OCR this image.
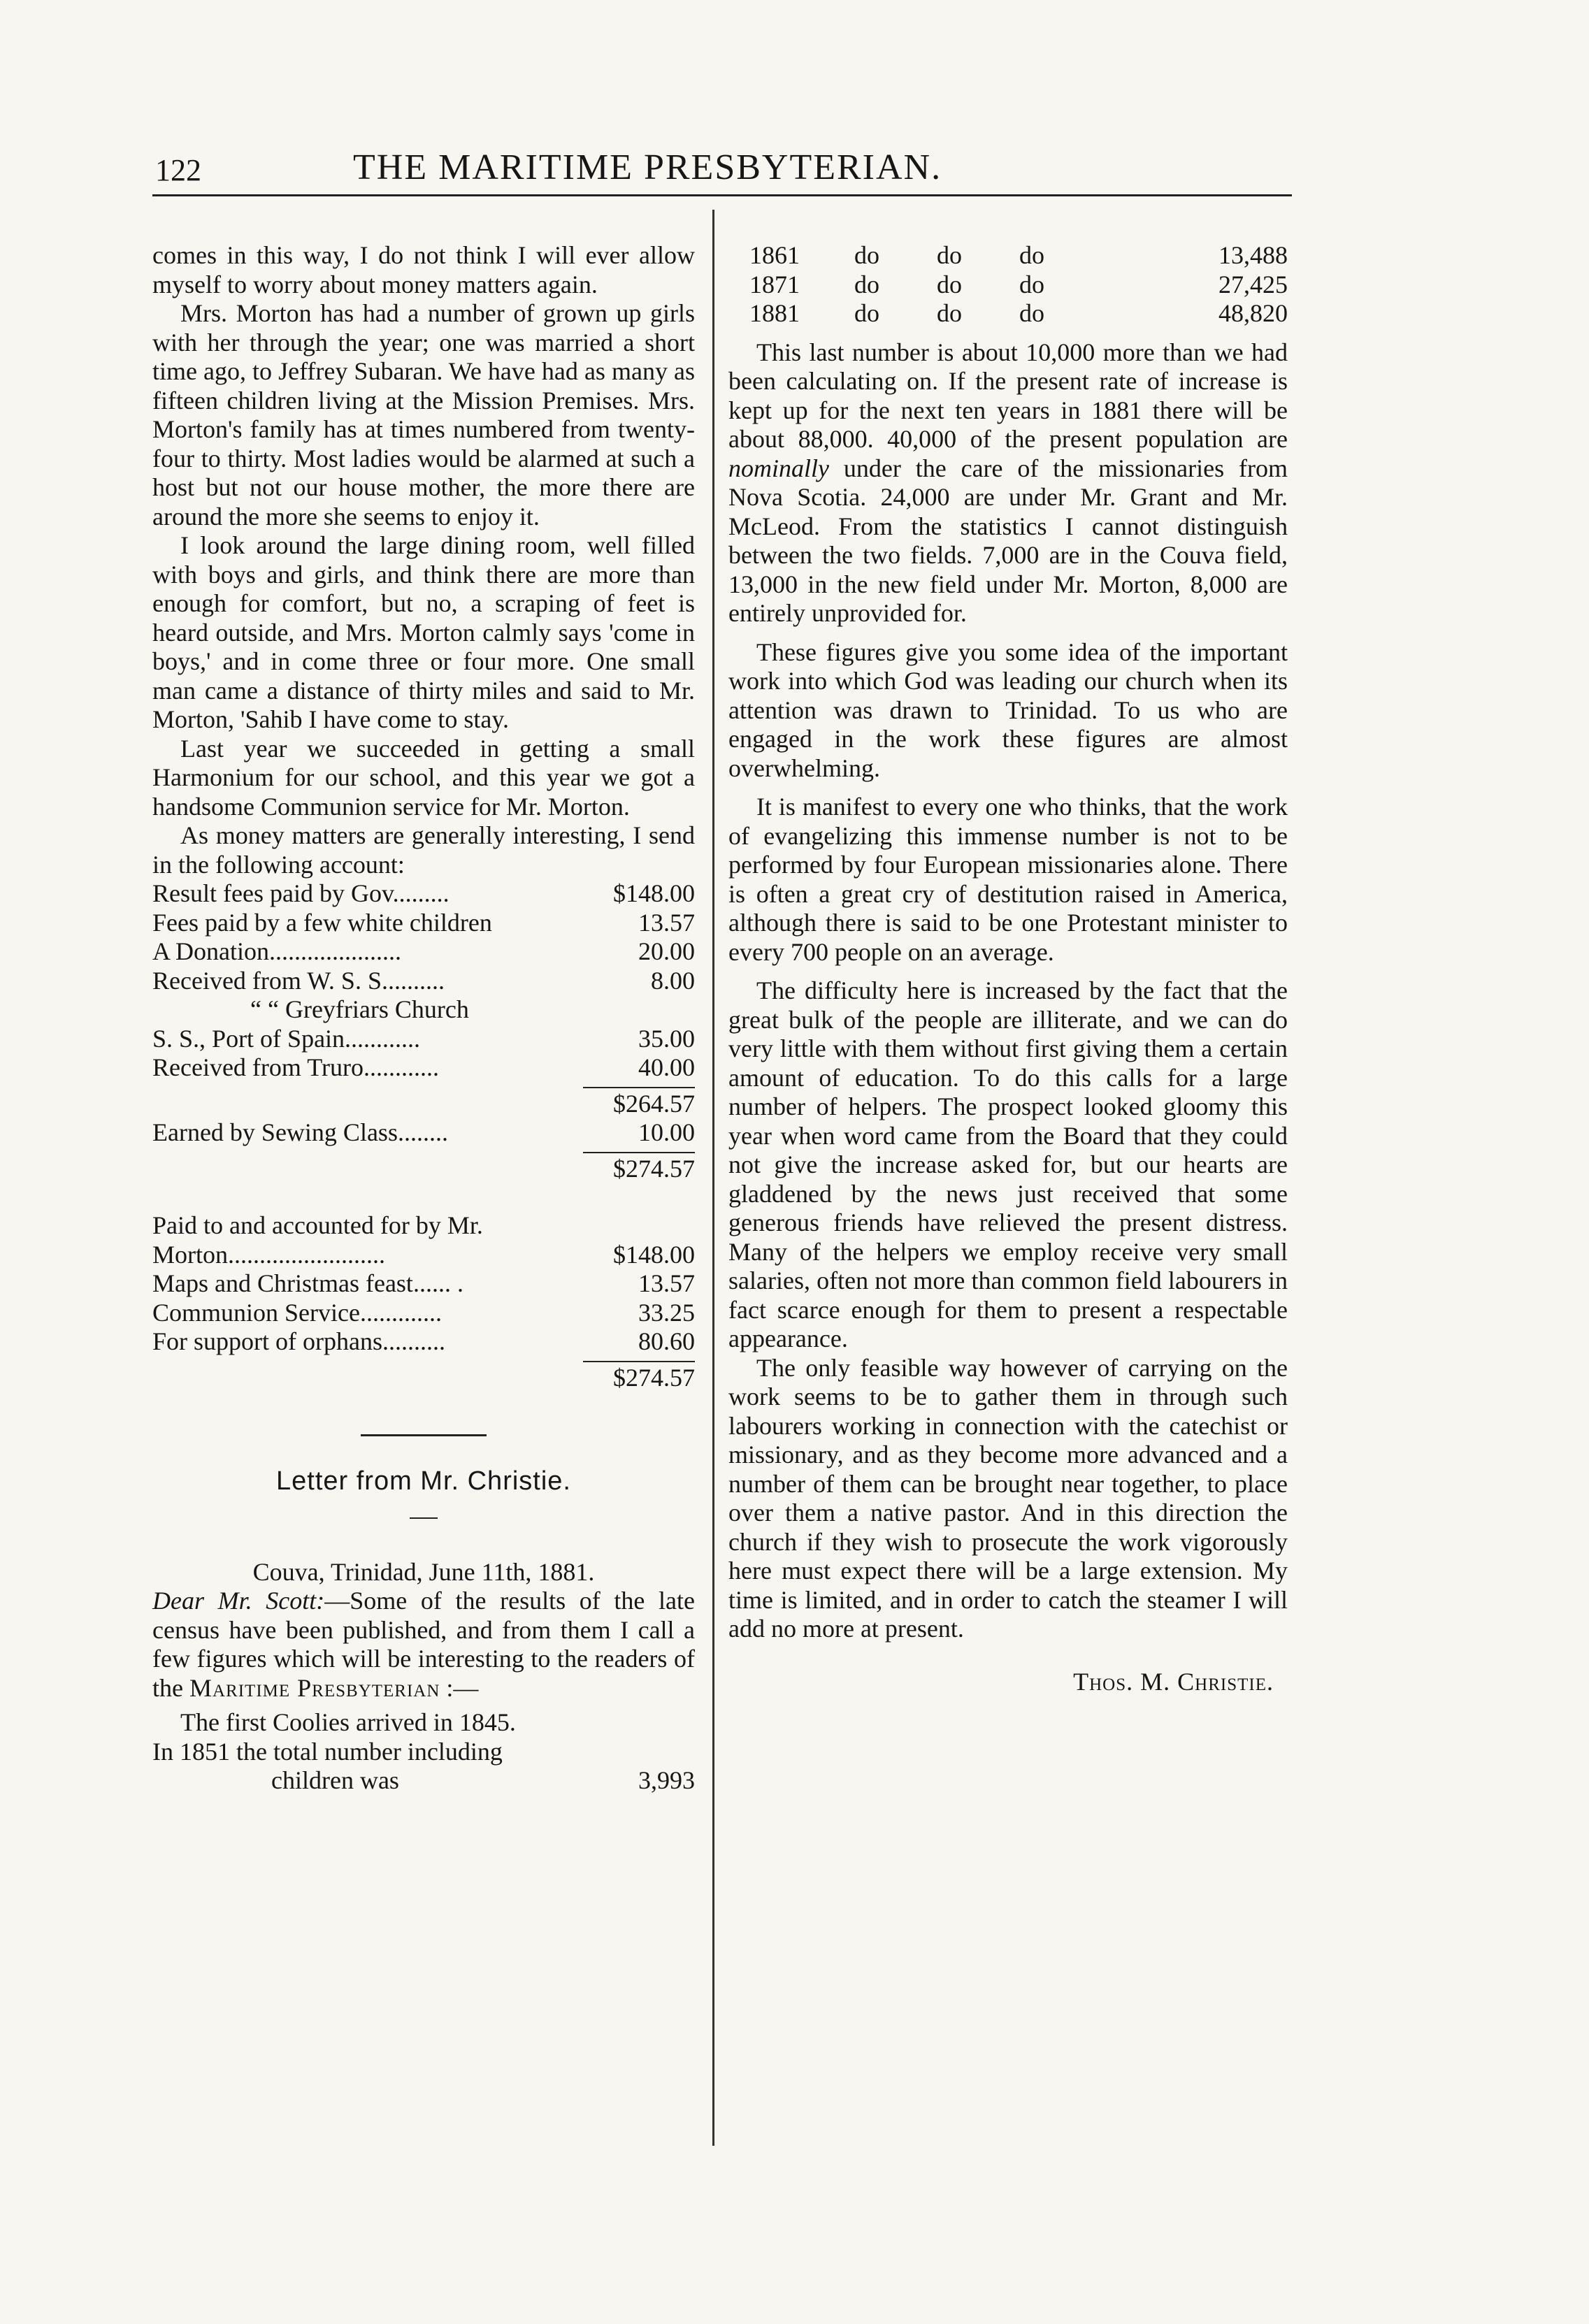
122	THE MARITIME PRESBYTERIAN.

comes in this way, I do not think I will ever allow myself to worry about money matters again.

Mrs. Morton has had a number of grown up girls with her through the year; one was married a short time ago, to Jeffrey Subaran. We have had as many as fifteen children living at the Mission Premises. Mrs. Morton's family has at times numbered from twenty-four to thirty. Most ladies would be alarmed at such a host but not our house mother, the more there are around the more she seems to enjoy it.

I look around the large dining room, well filled with boys and girls, and think there are more than enough for comfort, but no, a scraping of feet is heard outside, and Mrs. Morton calmly says 'come in boys,' and in come three or four more. One small man came a distance of thirty miles and said to Mr. Morton, 'Sahib I have come to stay.

Last year we succeeded in getting a small Harmonium for our school, and this year we got a handsome Communion service for Mr. Morton.

As money matters are generally interesting, I send in the following account:

Result fees paid by Gov.........	$148.00
Fees paid by a few white children	13.57
A Donation.....................	20.00
Received from W. S. S..........	8.00
“ “ Greyfriars Church
S. S., Port of Spain............	35.00
Received from Truro............	40.00
$264.57
Earned by Sewing Class........	10.00
$274.57

Paid to and accounted for by Mr.

Morton.........................	$148.00
Maps and Christmas feast...... .	13.57
Communion Service.............	33.25
For support of orphans..........	80.60
$274.57
Letter from Mr. Christie.

Couva, Trinidad, June 11th, 1881.

Dear Mr. Scott:—Some of the results of the late census have been published, and from them I call a few figures which will be interesting to the readers of the Maritime Presbyterian :—

The first Coolies arrived in 1845.

In 1851 the total number including

children was	3,993
1861	do	do	do	13,488
1871	do	do	do	27,425
1881	do	do	do	48,820

This last number is about 10,000 more than we had been calculating on. If the present rate of increase is kept up for the next ten years in 1881 there will be about 88,000. 40,000 of the present population are nominally under the care of the missionaries from Nova Scotia. 24,000 are under Mr. Grant and Mr. McLeod. From the statistics I cannot distinguish between the two fields. 7,000 are in the Couva field, 13,000 in the new field under Mr. Morton, 8,000 are entirely unprovided for.

These figures give you some idea of the important work into which God was leading our church when its attention was drawn to Trinidad. To us who are engaged in the work these figures are almost overwhelming.

It is manifest to every one who thinks, that the work of evangelizing this immense number is not to be performed by four European missionaries alone. There is often a great cry of destitution raised in America, although there is said to be one Protestant minister to every 700 people on an average.

The difficulty here is increased by the fact that the great bulk of the people are illiterate, and we can do very little with them without first giving them a certain amount of education. To do this calls for a large number of helpers. The prospect looked gloomy this year when word came from the Board that they could not give the increase asked for, but our hearts are gladdened by the news just received that some generous friends have relieved the present distress. Many of the helpers we employ receive very small salaries, often not more than common field labourers in fact scarce enough for them to present a respectable appearance.

The only feasible way however of carrying on the work seems to be to gather them in through such labourers working in connection with the catechist or missionary, and as they become more advanced and a number of them can be brought near together, to place over them a native pastor. And in this direction the church if they wish to prosecute the work vigorously here must expect there will be a large extension. My time is limited, and in order to catch the steamer I will add no more at present.

Thos. M. Christie.
